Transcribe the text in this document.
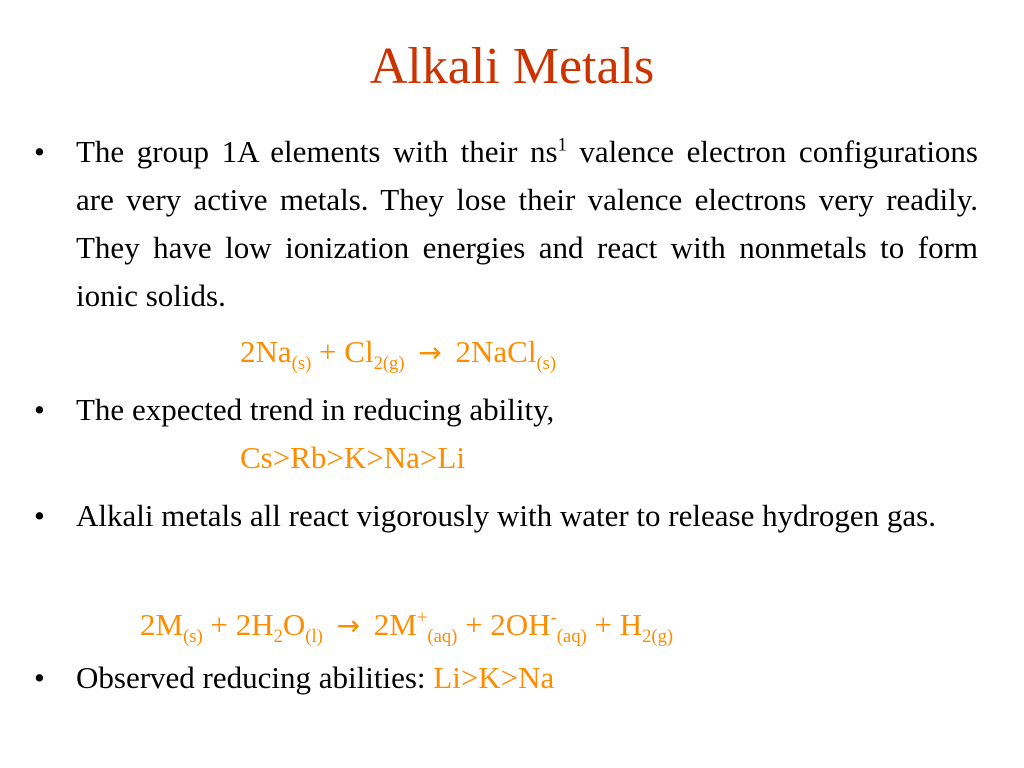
Alkali Metals
•	The group 1A elements with their $ns^1$ valence electron configurations are very active metals. They lose their valence electrons very readily. They have low ionization energies and react with nonmetals to form ionic solids.
$2Na_{(s)} + Cl_{2(g)}$ → 2NaCl$_{(s)}$
•	The expected trend in reducing ability,
Cs>Rb>K>Na>Li
•	Alkali metals all react vigorously with water to release hydrogen gas.
$2M_{(s)} + 2H_2O_{(l)} \to 2M^+_{(aq)} + 2OH^-_{(aq)} + H_{2(g)}$
•	Observed reducing abilities: Li>K>Na
